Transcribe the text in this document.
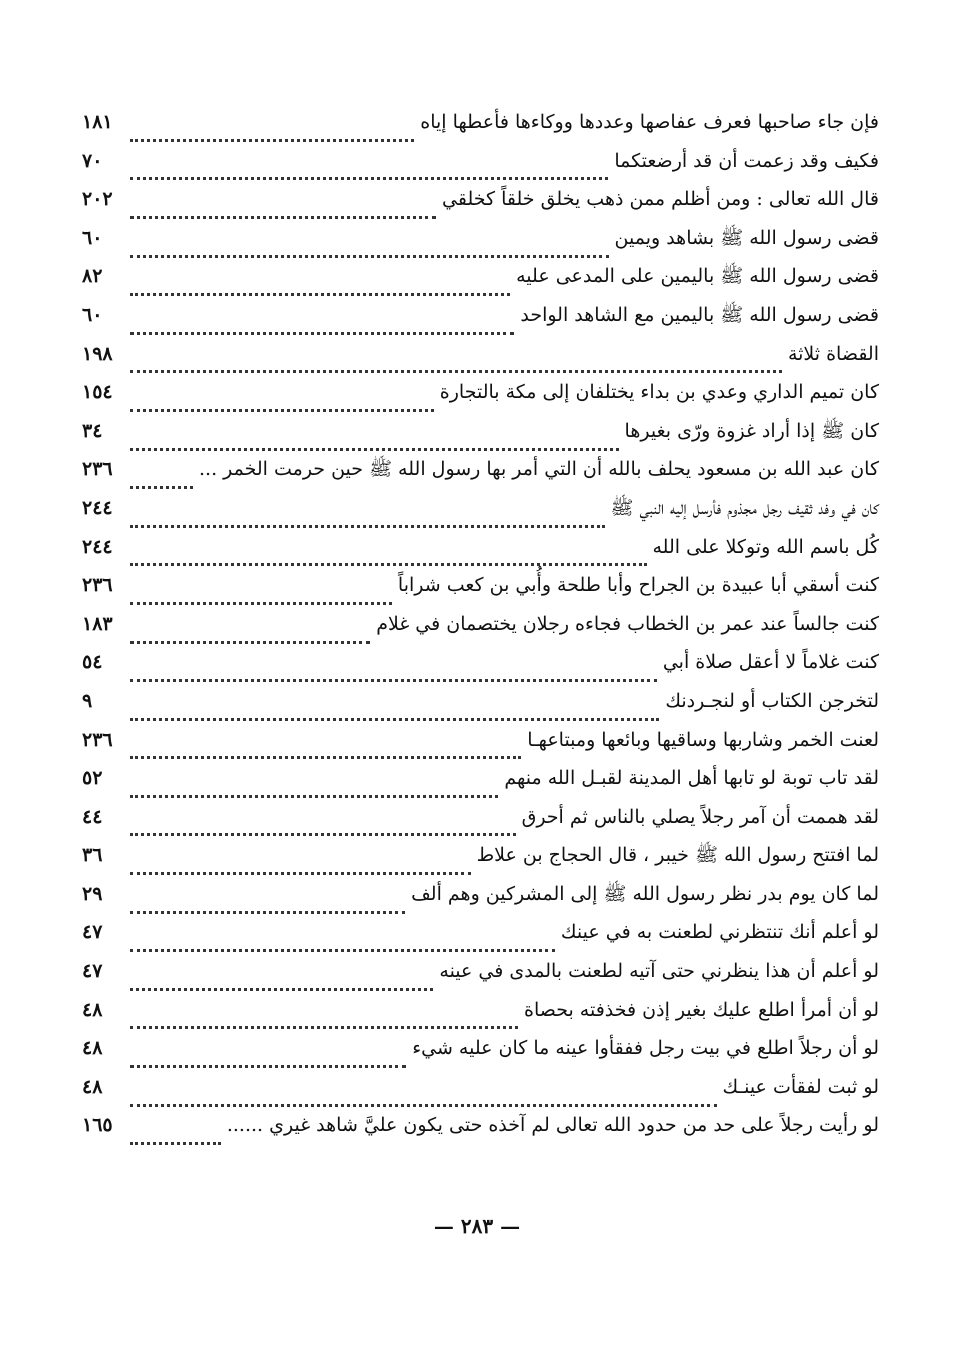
فإن جاء صاحبها فعرف عفاصها وعددها ووكاءها فأعطها إياه
١٨١
فكيف وقد زعمت أن قد أرضعتكما
٧٠
قال الله تعالى : ومن أظلم ممن ذهب يخلق خلقاً كخلقي
٢٠٢
قضى رسول الله ﷺ بشاهد ويمين
٦٠
قضى رسول الله ﷺ باليمين على المدعى عليه
٨٢
قضى رسول الله ﷺ باليمين مع الشاهد الواحد
٦٠
القضاة ثلاثة
١٩٨
كان تميم الداري وعدي بن بداء يختلفان إلى مكة بالتجارة
١٥٤
كان ﷺ إذا أراد غزوة ورّى بغيرها
٣٤
كان عبد الله بن مسعود يحلف بالله أن التي أمر بها رسول الله ﷺ حين حرمت الخمر ...
٢٣٦
كان في وفد ثقيف رجل مجذوم فأرسل إليه النبي ﷺ
٢٤٤
كُل باسم الله وتوكلا على الله
٢٤٤
كنت أسقي أبا عبيدة بن الجراح وأبا طلحة وأُبي بن كعب شراباً
٢٣٦
كنت جالساً عند عمر بن الخطاب فجاءه رجلان يختصمان في غلام
١٨٣
كنت غلاماً لا أعقل صلاة أبي
٥٤
لتخرجن الكتاب أو لنجـردنك
٩
لعنت الخمر وشاربها وساقيها وبائعها ومبتاعهـا
٢٣٦
لقد تاب توبة لو تابها أهل المدينة لقبـل الله منهم
٥٢
لقد هممت أن آمر رجلاً يصلي بالناس ثم أحرق
٤٤
لما افتتح رسول الله ﷺ خيبر ، قال الحجاج بن علاط
٣٦
لما كان يوم بدر نظر رسول الله ﷺ إلى المشركين وهم ألف
٢٩
لو أعلم أنك تنتظرني لطعنت به في عينك
٤٧
لو أعلم أن هذا ينظرني حتى آتيه لطعنت بالمدى في عينه
٤٧
لو أن أمرأ اطلع عليك بغير إذن فخذفته بحصاة
٤٨
لو أن رجلاً اطلع في بيت رجل ففقأوا عينه ما كان عليه شيء
٤٨
لو ثبت لفقأت عينـك
٤٨
لو رأيت رجلاً على حد من حدود الله تعالى لم آخذه حتى يكون عليَّ شاهد غيري ......
١٦٥
— ٢٨٣ —
